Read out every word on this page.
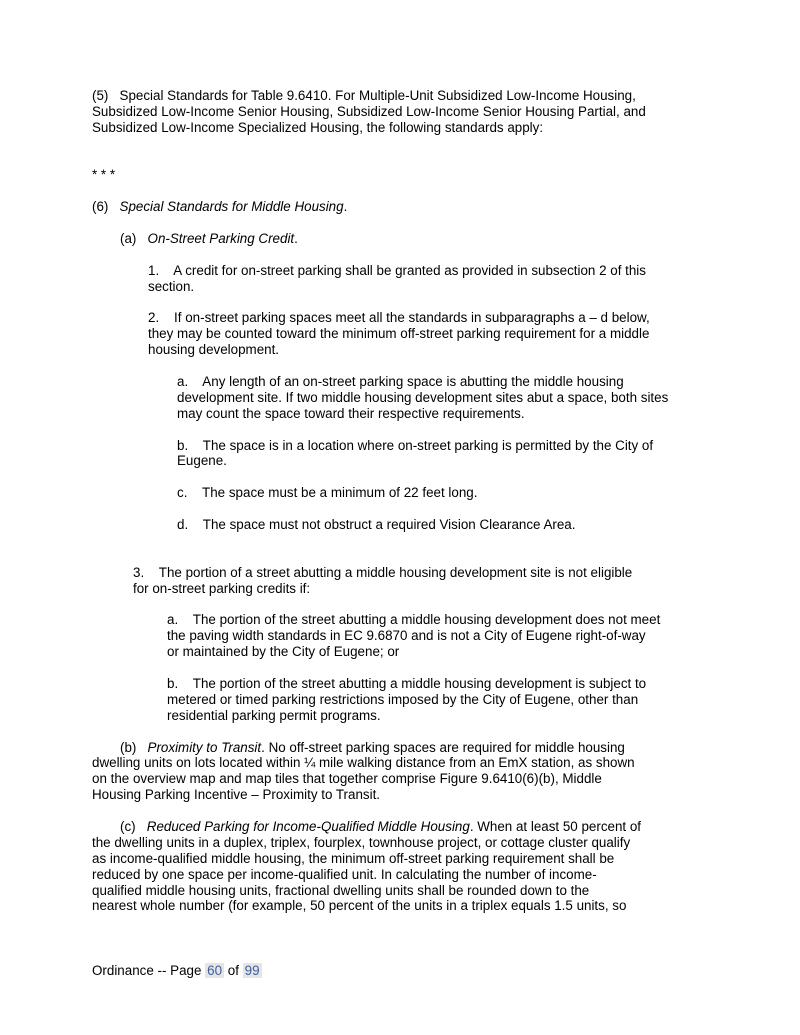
(5)   Special Standards for Table 9.6410. For Multiple-Unit Subsidized Low-Income Housing,
Subsidized Low-Income Senior Housing, Subsidized Low-Income Senior Housing Partial, and
Subsidized Low-Income Specialized Housing, the following standards apply:
* * *
(6)   Special Standards for Middle Housing.
(a)   On-Street Parking Credit.
1.    A credit for on-street parking shall be granted as provided in subsection 2 of this
section.
2.    If on-street parking spaces meet all the standards in subparagraphs a – d below,
they may be counted toward the minimum off-street parking requirement for a middle
housing development.
a.    Any length of an on-street parking space is abutting the middle housing
development site. If two middle housing development sites abut a space, both sites
may count the space toward their respective requirements.
b.    The space is in a location where on-street parking is permitted by the City of
Eugene.
c.    The space must be a minimum of 22 feet long.
d.    The space must not obstruct a required Vision Clearance Area.
3.    The portion of a street abutting a middle housing development site is not eligible
for on-street parking credits if:
a.    The portion of the street abutting a middle housing development does not meet
the paving width standards in EC 9.6870 and is not a City of Eugene right-of-way
or maintained by the City of Eugene; or
b.    The portion of the street abutting a middle housing development is subject to
metered or timed parking restrictions imposed by the City of Eugene, other than
residential parking permit programs.
(b)   Proximity to Transit. No off-street parking spaces are required for middle housing
dwelling units on lots located within ¼ mile walking distance from an EmX station, as shown
on the overview map and map tiles that together comprise Figure 9.6410(6)(b), Middle
Housing Parking Incentive – Proximity to Transit.
(c)   Reduced Parking for Income-Qualified Middle Housing. When at least 50 percent of
the dwelling units in a duplex, triplex, fourplex, townhouse project, or cottage cluster qualify
as income-qualified middle housing, the minimum off-street parking requirement shall be
reduced by one space per income-qualified unit. In calculating the number of income-
qualified middle housing units, fractional dwelling units shall be rounded down to the
nearest whole number (for example, 50 percent of the units in a triplex equals 1.5 units, so
Ordinance -- Page 60 of 99
